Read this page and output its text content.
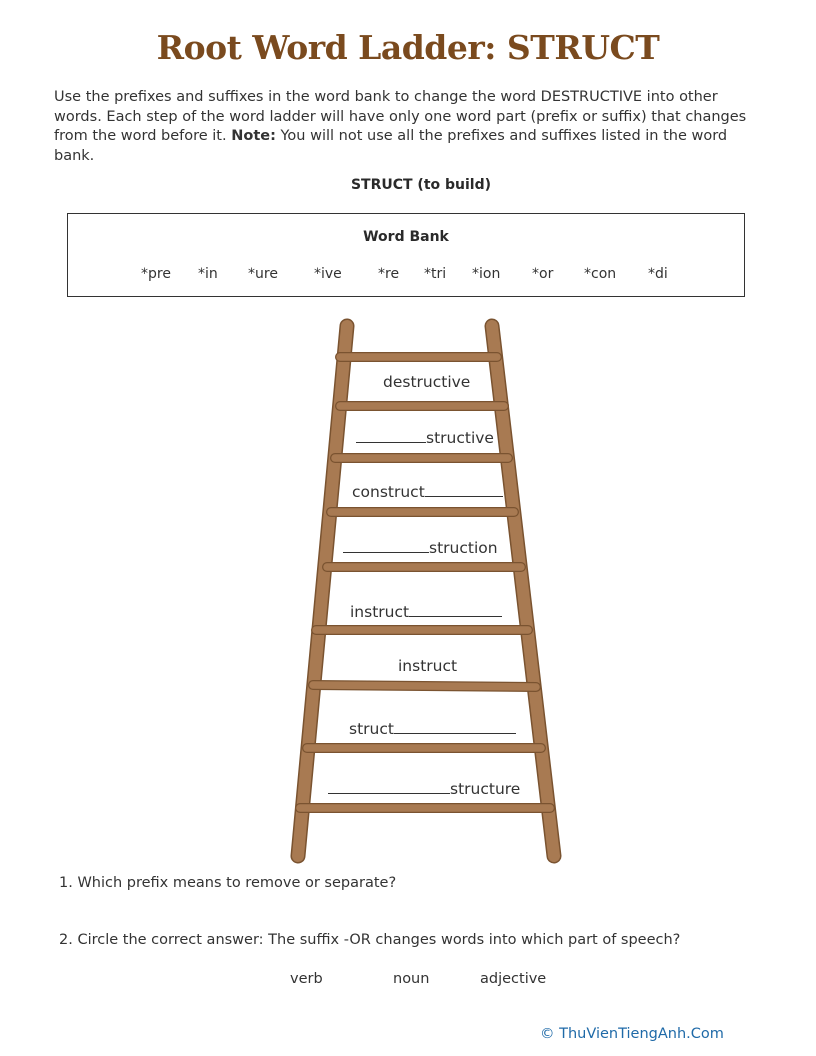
Root Word Ladder: STRUCT
Use the prefixes and suffixes in the word bank to change the word DESTRUCTIVE into other words. Each step of the word ladder will have only one word part (prefix or suffix) that changes from the word before it. Note: You will not use all the prefixes and suffixes listed in the word bank.
STRUCT (to build)
Word Bank
*pre *in *ure	*ive	*re *tri *ion *or *con *di
destructive
structive
construct
struction
instruct
instruct
struct
structure
1. Which prefix means to remove or separate?
2. Circle the correct answer: The suffix -OR changes words into which part of speech?
verb	noun	adjective
© ThuVienTiengAnh.Com
